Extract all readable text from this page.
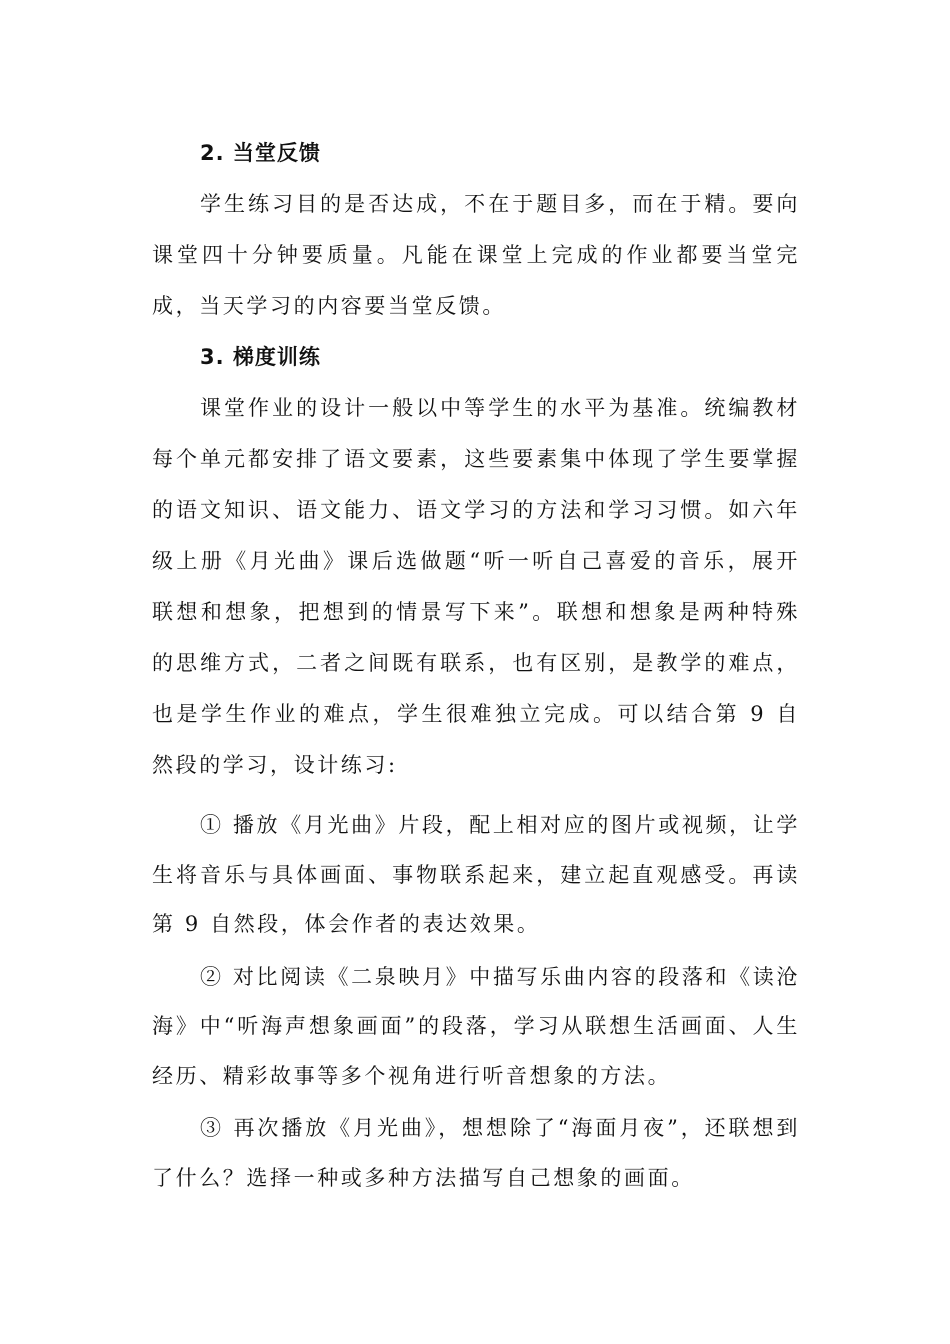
2. 当堂反馈

学生练习目的是否达成，不在于题目多，而在于精。要向课堂四十分钟要质量。凡能在课堂上完成的作业都要当堂完成，当天学习的内容要当堂反馈。

3. 梯度训练

课堂作业的设计一般以中等学生的水平为基准。统编教材每个单元都安排了语文要素，这些要素集中体现了学生要掌握的语文知识、语文能力、语文学习的方法和学习习惯。如六年级上册《月光曲》课后选做题“听一听自己喜爱的音乐，展开联想和想象，把想到的情景写下来”。联想和想象是两种特殊的思维方式，二者之间既有联系，也有区别，是教学的难点，也是学生作业的难点，学生很难独立完成。可以结合第 9 自然段的学习，设计练习:

① 播放《月光曲》片段，配上相对应的图片或视频，让学生将音乐与具体画面、事物联系起来，建立起直观感受。再读第 9 自然段，体会作者的表达效果。

② 对比阅读《二泉映月》中描写乐曲内容的段落和《读沧海》中“听海声想象画面”的段落，学习从联想生活画面、人生经历、精彩故事等多个视角进行听音想象的方法。

③ 再次播放《月光曲》，想想除了“海面月夜”，还联想到了什么？选择一种或多种方法描写自己想象的画面。
